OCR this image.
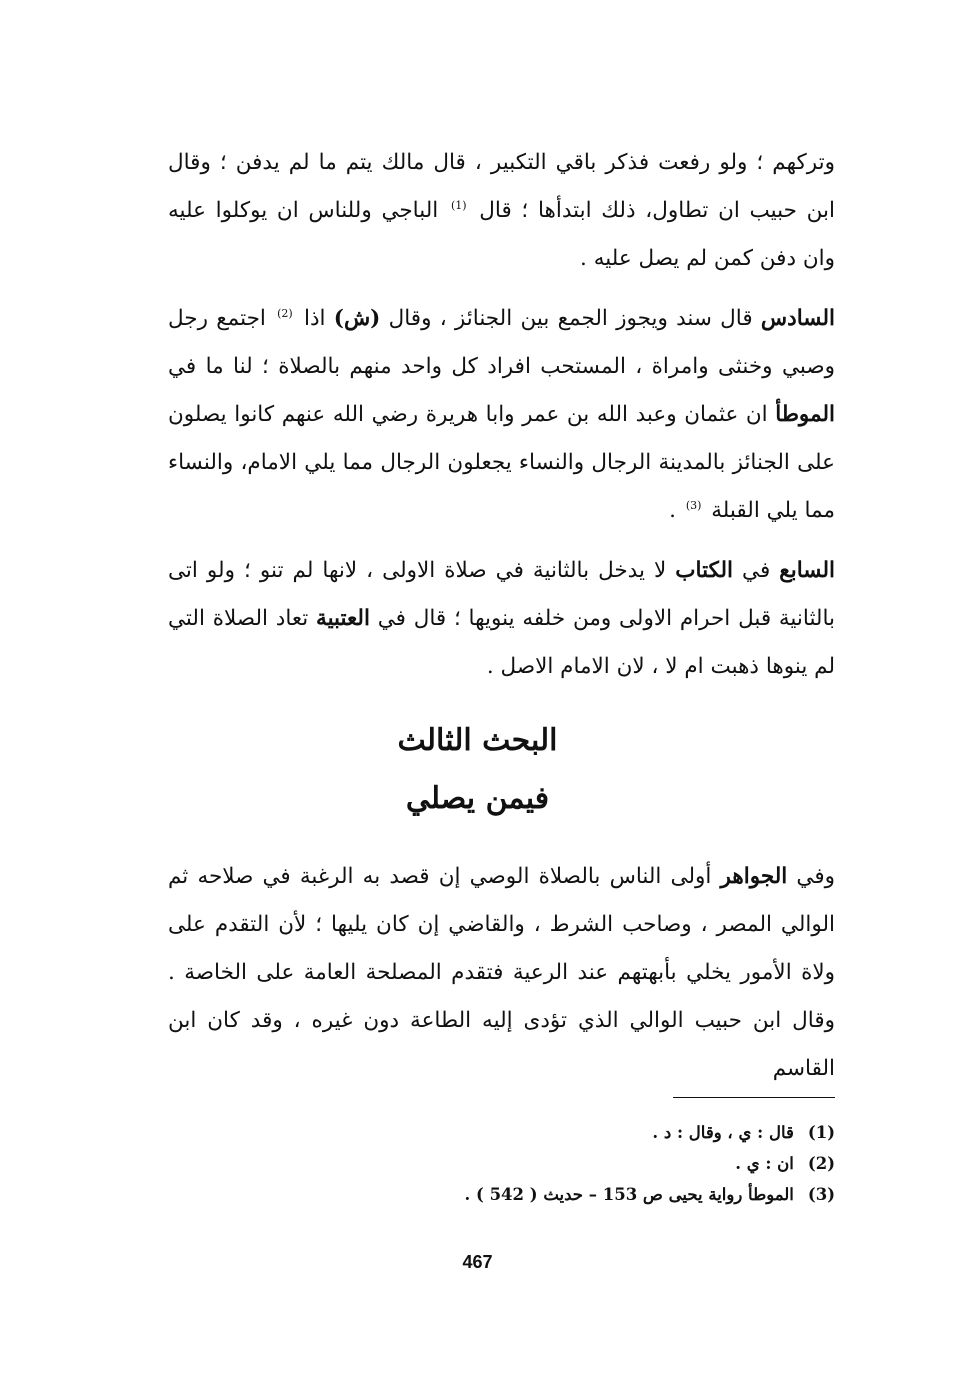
وتركهم ؛ ولو رفعت فذكر باقي التكبير ، قال مالك يتم ما لم يدفن ؛ وقال ابن حبيب ان تطاول، ذلك ابتدأها ؛ قال $^{(1)}$ الباجي وللناس ان يوكلوا عليه وان دفن كمن لم يصل عليه .

السادس قال سند ويجوز الجمع بين الجنائز ، وقال (ش) اذا $^{(2)}$ اجتمع رجل وصبي وخنثى وامراة ، المستحب افراد كل واحد منهم بالصلاة ؛ لنا ما في الموطأ ان عثمان وعبد الله بن عمر وابا هريرة رضي الله عنهم كانوا يصلون على الجنائز بالمدينة الرجال والنساء يجعلون الرجال مما يلي الامام، والنساء مما يلي القبلة $^{(3)}$ .

السابع في الكتاب لا يدخل بالثانية في صلاة الاولى ، لانها لم تنو ؛ ولو اتى بالثانية قبل احرام الاولى ومن خلفه ينويها ؛ قال في العتبية تعاد الصلاة التي لم ينوها ذهبت ام لا ، لان الامام الاصل .

البحث الثالث
فيمن يصلي

وفي الجواهر أولى الناس بالصلاة الوصي إن قصد به الرغبة في صلاحه ثم الوالي المصر ، وصاحب الشرط ، والقاضي إن كان يليها ؛ لأن التقدم على ولاة الأمور يخلي بأبهتهم عند الرعية فتقدم المصلحة العامة على الخاصة . وقال ابن حبيب الوالي الذي تؤدى إليه الطاعة دون غيره ، وقد كان ابن القاسم

(1)قال : ي ، وقال : د .

(2)ان : ي .

(3)الموطأ رواية يحيى ص 153 – حديث ( 542 ) .

467
